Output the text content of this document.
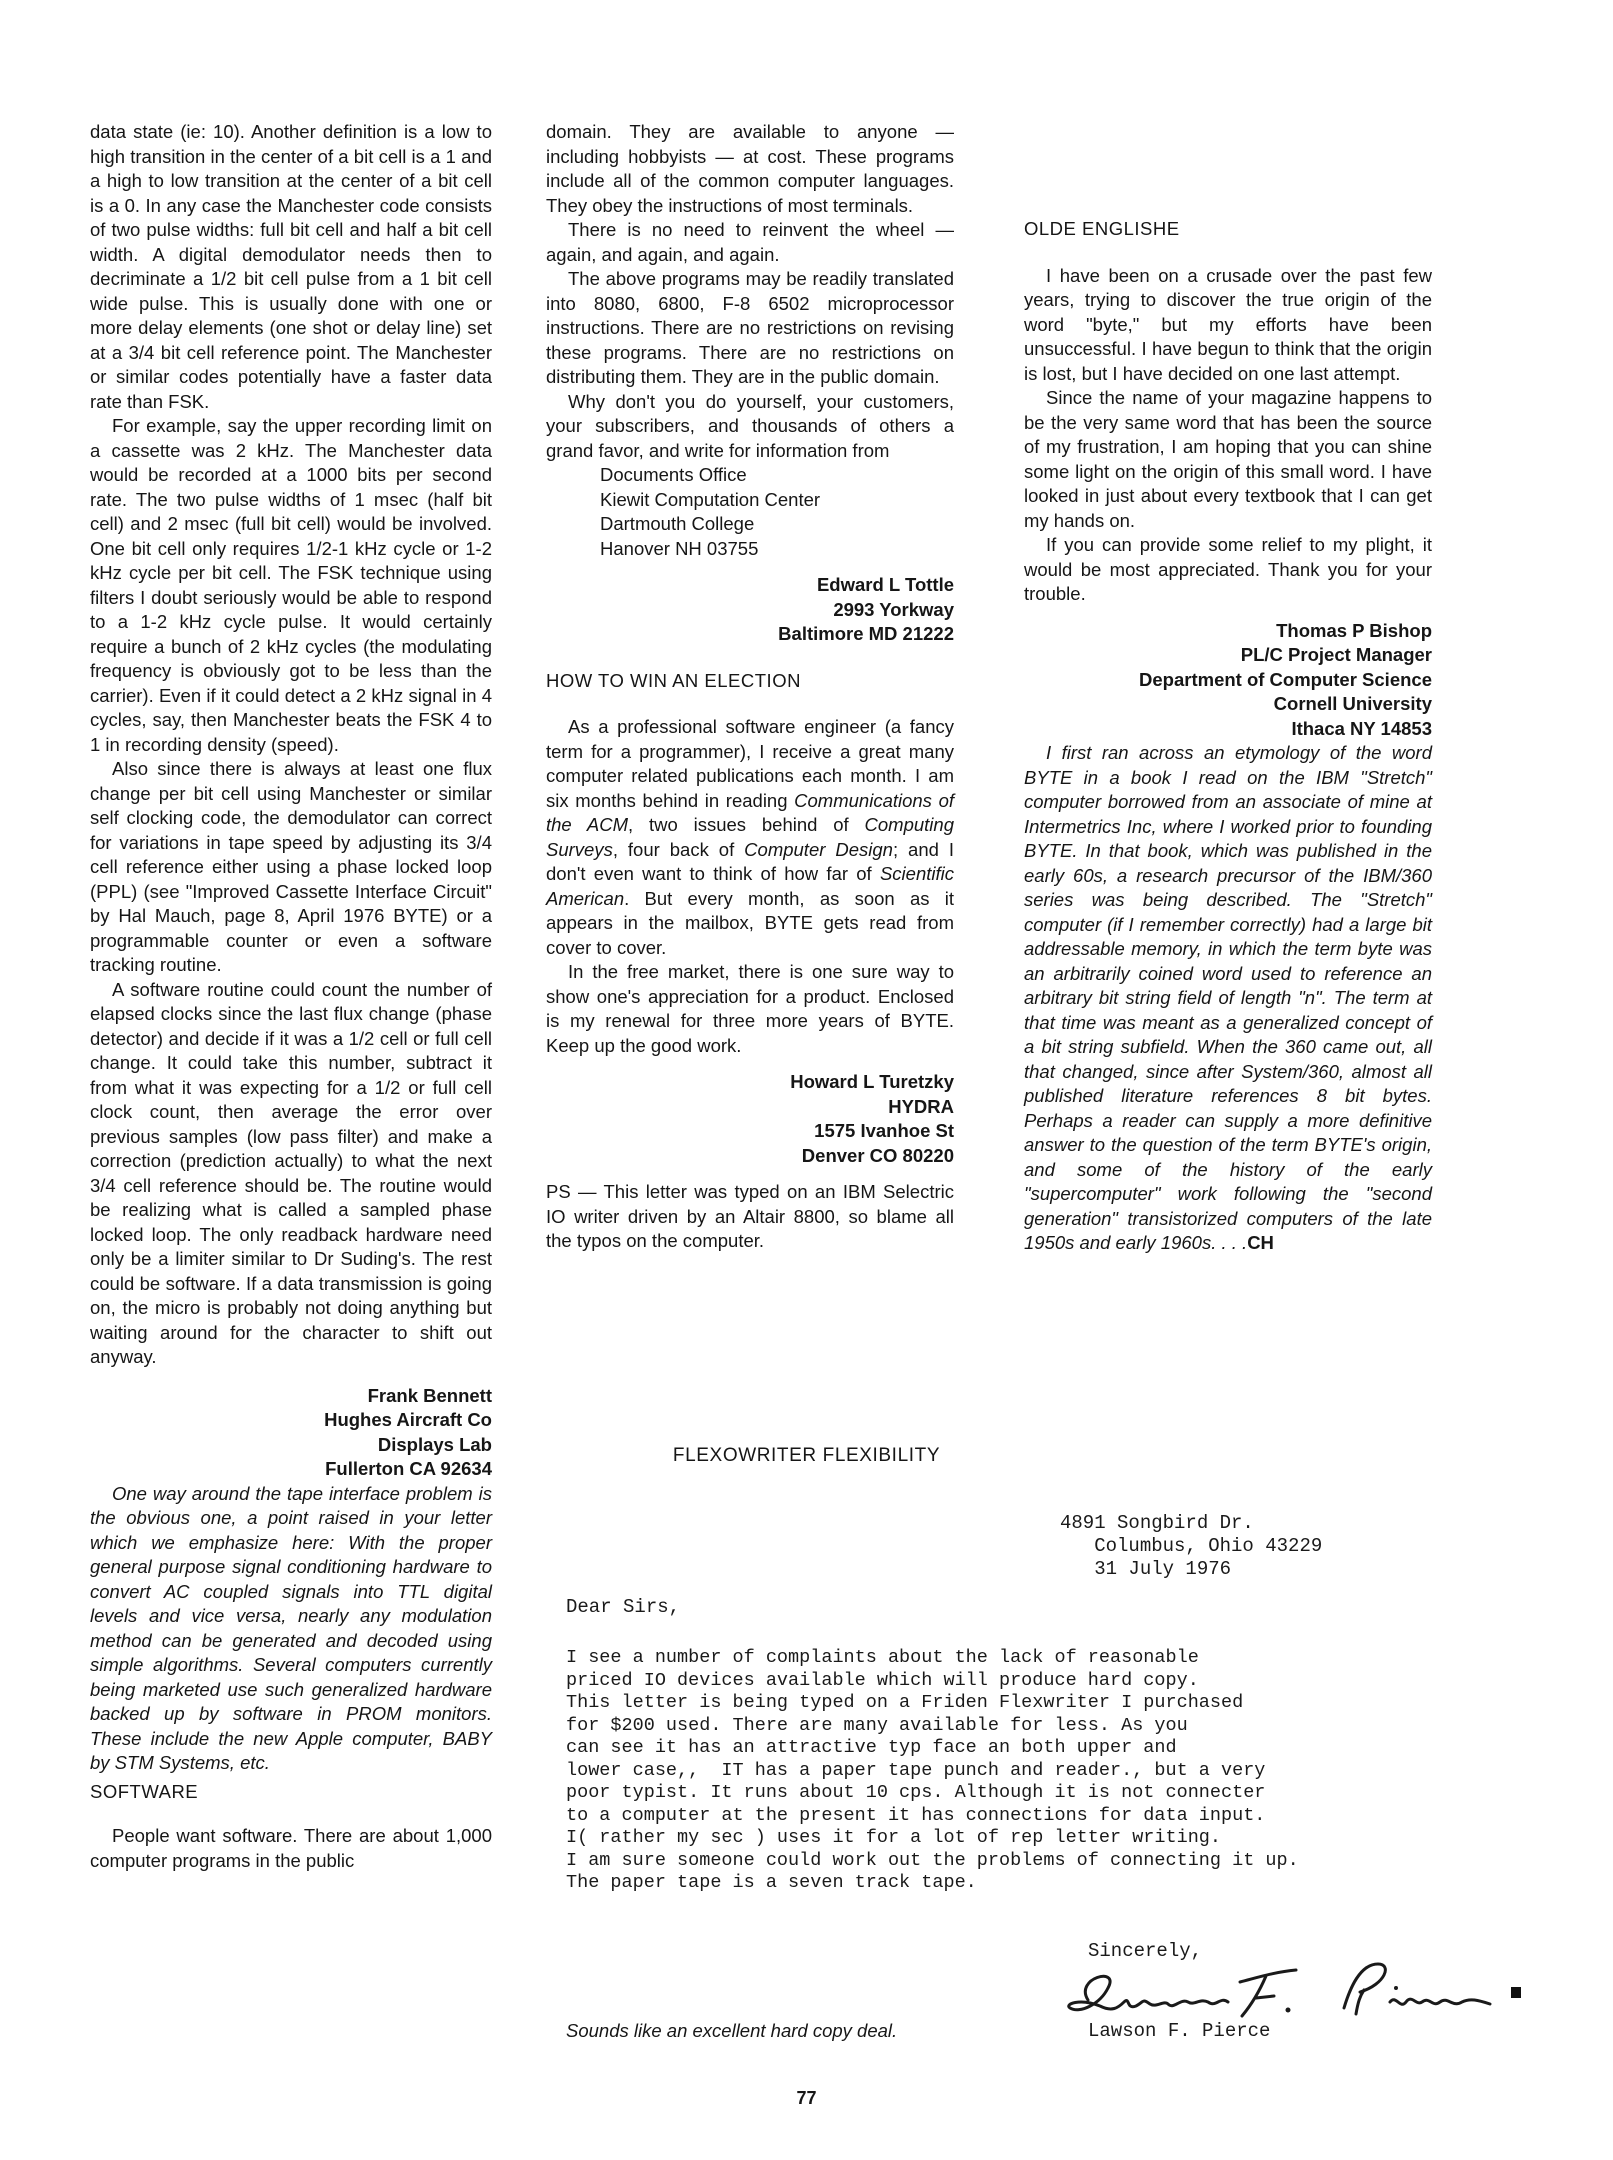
data state (ie: 10). Another definition is a low to high transition in the center of a bit cell is a 1 and a high to low transition at the center of a bit cell is a 0. In any case the Manchester code consists of two pulse widths: full bit cell and half a bit cell width. A digital demodulator needs then to decriminate a 1/2 bit cell pulse from a 1 bit cell wide pulse. This is usually done with one or more delay elements (one shot or delay line) set at a 3/4 bit cell reference point. The Manchester or similar codes potentially have a faster data rate than FSK.

For example, say the upper recording limit on a cassette was 2 kHz. The Manchester data would be recorded at a 1000 bits per second rate. The two pulse widths of 1 msec (half bit cell) and 2 msec (full bit cell) would be involved. One bit cell only requires 1/2-1 kHz cycle or 1-2 kHz cycle per bit cell. The FSK technique using filters I doubt seriously would be able to respond to a 1-2 kHz cycle pulse. It would certainly require a bunch of 2 kHz cycles (the modulating frequency is obviously got to be less than the carrier). Even if it could detect a 2 kHz signal in 4 cycles, say, then Manchester beats the FSK 4 to 1 in recording density (speed).

Also since there is always at least one flux change per bit cell using Manchester or similar self clocking code, the demodulator can correct for variations in tape speed by adjusting its 3/4 cell reference either using a phase locked loop (PPL) (see "Improved Cassette Interface Circuit" by Hal Mauch, page 8, April 1976 BYTE) or a programmable counter or even a software tracking routine.

A software routine could count the number of elapsed clocks since the last flux change (phase detector) and decide if it was a 1/2 cell or full cell change. It could take this number, subtract it from what it was expecting for a 1/2 or full cell clock count, then average the error over previous samples (low pass filter) and make a correction (prediction actually) to what the next 3/4 cell reference should be. The routine would be realizing what is called a sampled phase locked loop. The only readback hardware need only be a limiter similar to Dr Suding's. The rest could be software. If a data transmission is going on, the micro is probably not doing anything but waiting around for the character to shift out anyway.

Frank Bennett
Hughes Aircraft Co
Displays Lab
Fullerton CA 92634

One way around the tape interface problem is the obvious one, a point raised in your letter which we emphasize here: With the proper general purpose signal conditioning hardware to convert AC coupled signals into TTL digital levels and vice versa, nearly any modulation method can be generated and decoded using simple algorithms. Several computers currently being marketed use such generalized hardware backed up by software in PROM monitors. These include the new Apple computer, BABY by STM Systems, etc.

SOFTWARE

People want software. There are about 1,000 computer programs in the public

domain. They are available to anyone — including hobbyists — at cost. These programs include all of the common computer languages. They obey the instructions of most terminals.

There is no need to reinvent the wheel — again, and again, and again.

The above programs may be readily translated into 8080, 6800, F-8 6502 microprocessor instructions. There are no restrictions on revising these programs. There are no restrictions on distributing them. They are in the public domain.

Why don't you do yourself, your customers, your subscribers, and thousands of others a grand favor, and write for information from

Documents Office
Kiewit Computation Center
Dartmouth College
Hanover NH 03755
Edward L Tottle
2993 Yorkway
Baltimore MD 21222

HOW TO WIN AN ELECTION

As a professional software engineer (a fancy term for a programmer), I receive a great many computer related publications each month. I am six months behind in reading Communications of the ACM, two issues behind of Computing Surveys, four back of Computer Design; and I don't even want to think of how far of Scientific American. But every month, as soon as it appears in the mailbox, BYTE gets read from cover to cover.

In the free market, there is one sure way to show one's appreciation for a product. Enclosed is my renewal for three more years of BYTE. Keep up the good work.

Howard L Turetzky
HYDRA
1575 Ivanhoe St
Denver CO 80220

PS — This letter was typed on an IBM Selectric IO writer driven by an Altair 8800, so blame all the typos on the computer.

OLDE ENGLISHE

I have been on a crusade over the past few years, trying to discover the true origin of the word "byte," but my efforts have been unsuccessful. I have begun to think that the origin is lost, but I have decided on one last attempt.

Since the name of your magazine happens to be the very same word that has been the source of my frustration, I am hoping that you can shine some light on the origin of this small word. I have looked in just about every textbook that I can get my hands on.

If you can provide some relief to my plight, it would be most appreciated. Thank you for your trouble.

Thomas P Bishop
PL/C Project Manager
Department of Computer Science
Cornell University
Ithaca NY 14853

I first ran across an etymology of the word BYTE in a book I read on the IBM "Stretch" computer borrowed from an associate of mine at Intermetrics Inc, where I worked prior to founding BYTE. In that book, which was published in the early 60s, a research precursor of the IBM/360 series was being described. The "Stretch" computer (if I remember correctly) had a large bit addressable memory, in which the term byte was an arbitrarily coined word used to reference an arbitrary bit string field of length "n". The term at that time was meant as a generalized concept of a bit string subfield. When the 360 came out, all that changed, since after System/360, almost all published literature references 8 bit bytes. Perhaps a reader can supply a more definitive answer to the question of the term BYTE's origin, and some of the history of the early "supercomputer" work following the "second generation" transistorized computers of the late 1950s and early 1960s. . . .CH

FLEXOWRITER FLEXIBILITY
4891 Songbird Dr.
Columbus, Ohio 43229
31 July 1976
Dear Sirs,
I see a number of complaints about the lack of reasonable
priced IO devices available which will produce hard copy.
This letter is being typed on a Friden Flexwriter I purchased
for $200 used. There are many available for less. As you
can see it has an attractive typ face an both upper and
lower case,,  IT has a paper tape punch and reader., but a very
poor typist. It runs about 10 cps. Although it is not connecter
to a computer at the present it has connections for data input.
I( rather my sec ) uses it for a lot of rep letter writing.
I am sure someone could work out the problems of connecting it up.
The paper tape is a seven track tape.
Sincerely,
Sounds like an excellent hard copy deal.	Lawson F. Pierce
77
